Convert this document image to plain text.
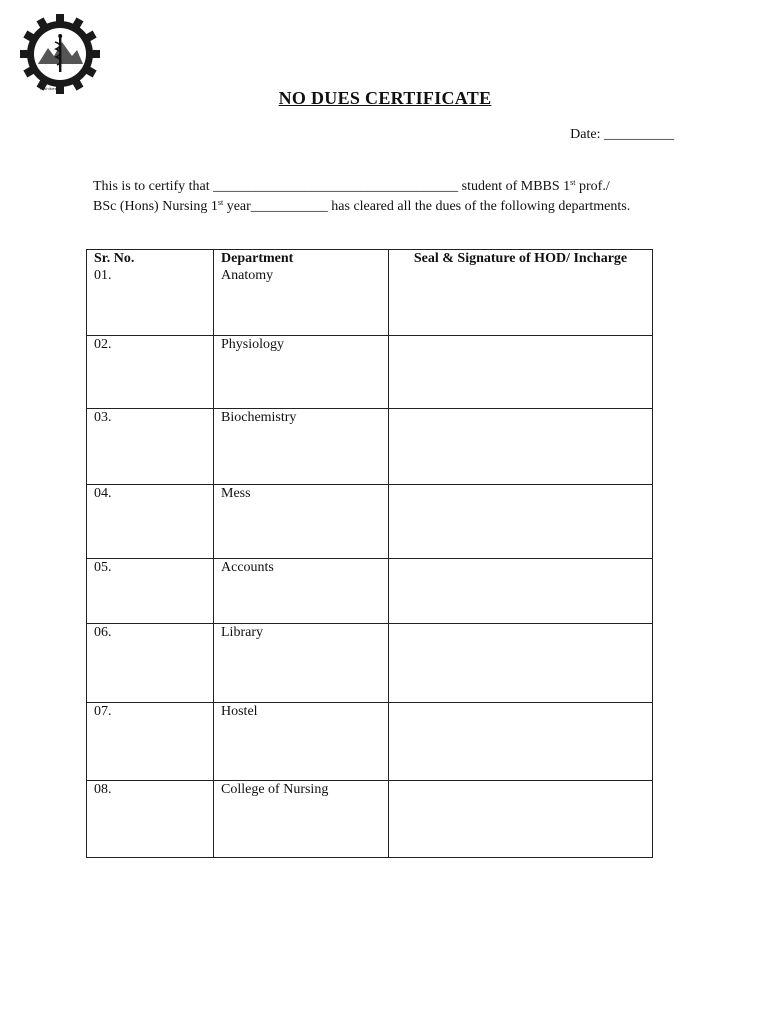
Rishikesh	NO DUES CERTIFICATE
Date: __________
This is to certify that ___________________________________ student of MBBS 1st prof./
BSc (Hons) Nursing 1st year___________ has cleared all the dues of the following departments.
Sr. No.	Department	Seal & Signature of HOD/ Incharge
01.	Anatomy	
02.	Physiology	
03.	Biochemistry	
04.	Mess	
05.	Accounts	
06.	Library	
07.	Hostel	
08.	College of Nursing	
